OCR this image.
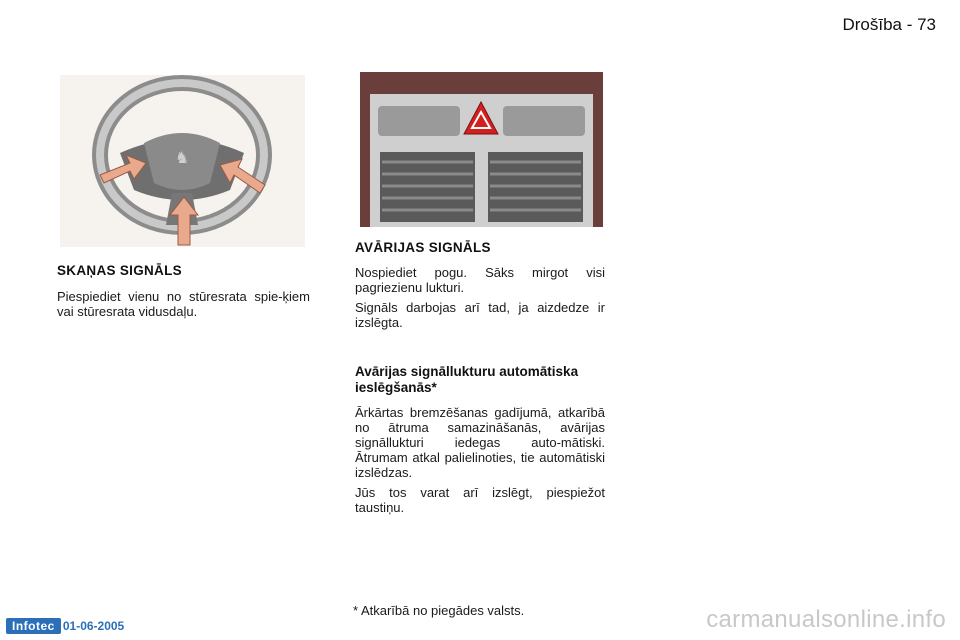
Drošība - 73
♞
SKAŅAS SIGNĀLS

Piespiediet vienu no stūresrata spie-ķiem vai stūresrata vidusdaļu.

AVĀRIJAS SIGNĀLS

Nospiediet pogu. Sāks mirgot visi pagriezienu lukturi.

Signāls darbojas arī tad, ja aizdedze ir izslēgta.

Avārijas signāllukturu automātiska ieslēgšanās*

Ārkārtas bremzēšanas gadījumā, atkarībā no ātruma samazināšanās, avārijas signāllukturi iedegas auto-mātiski. Ātrumam atkal palielinoties, tie automātiski izslēdzas.

Jūs tos varat arī izslēgt, piespiežot taustiņu.

* Atkarībā no piegādes valsts.
Infotec 01-06-2005	carmanualsonline.info
